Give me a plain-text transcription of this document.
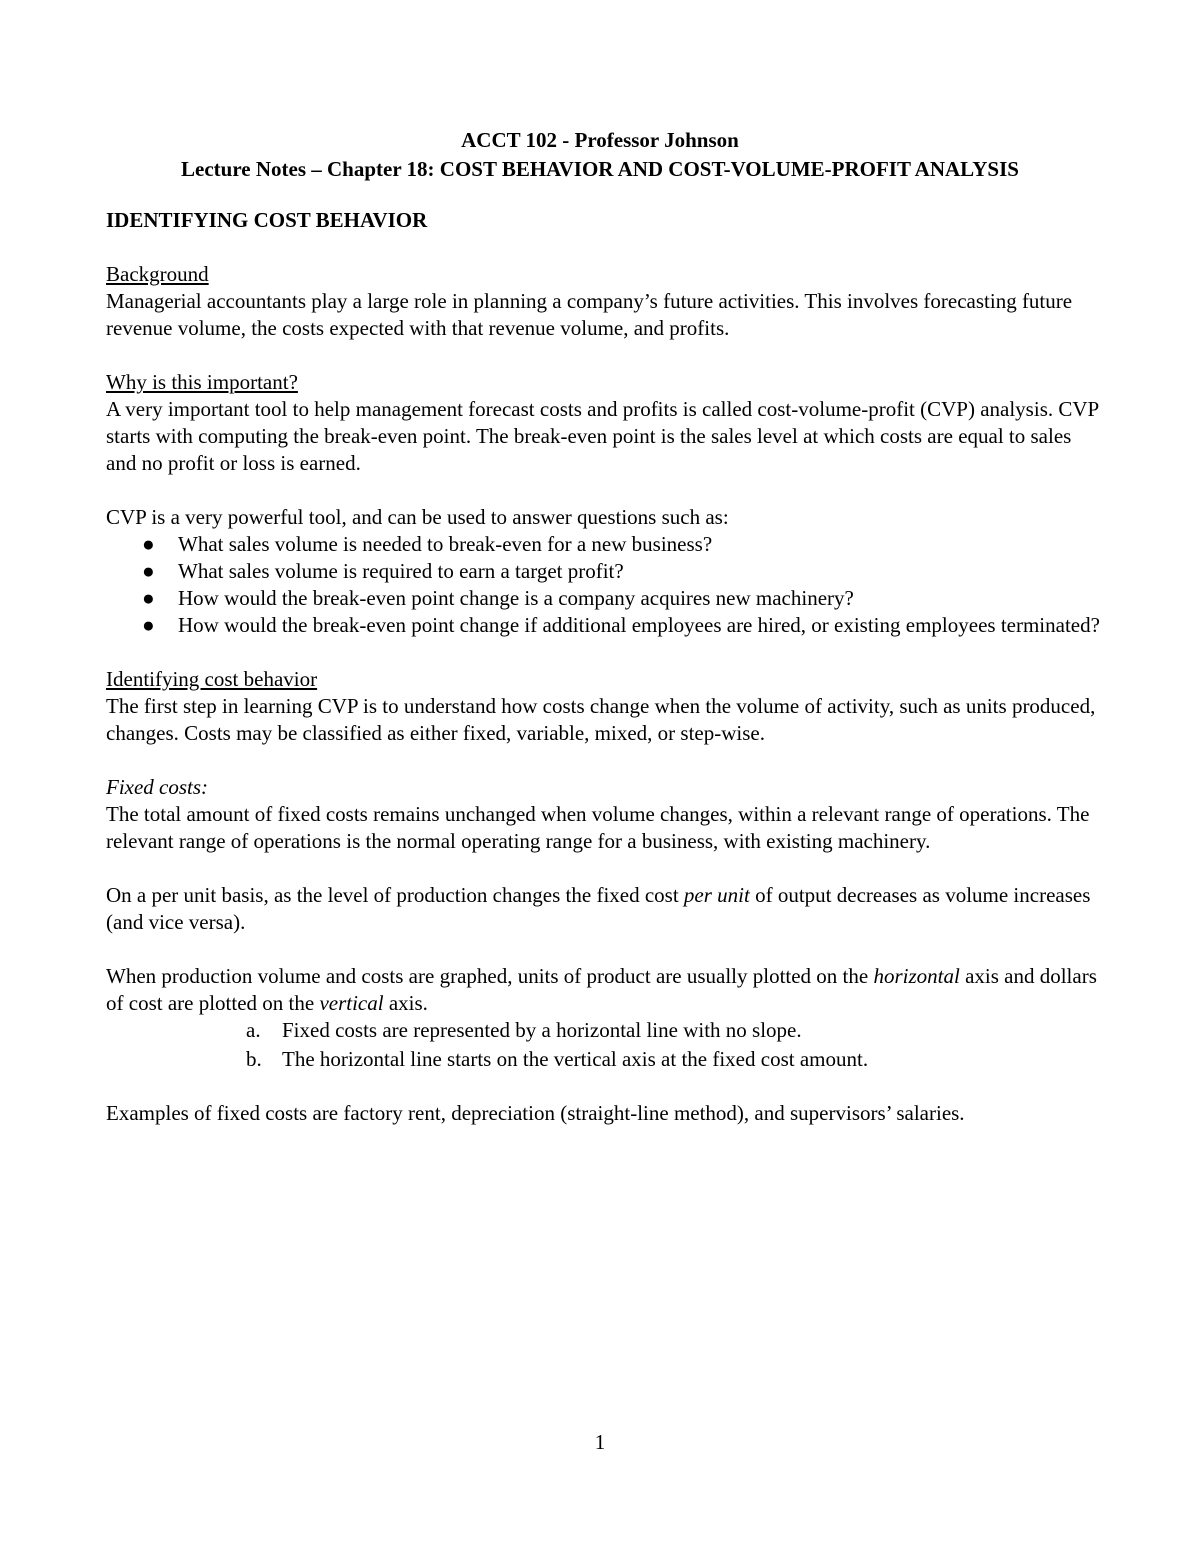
ACCT 102 - Professor Johnson
Lecture Notes – Chapter 18: COST BEHAVIOR AND COST-VOLUME-PROFIT ANALYSIS
IDENTIFYING COST BEHAVIOR

Background
Managerial accountants play a large role in planning a company’s future activities. This involves forecasting future revenue volume, the costs expected with that revenue volume, and profits.

Why is this important?
A very important tool to help management forecast costs and profits is called cost-volume-profit (CVP) analysis. CVP starts with computing the break-even point. The break-even point is the sales level at which costs are equal to sales and no profit or loss is earned.

CVP is a very powerful tool, and can be used to answer questions such as:
● What sales volume is needed to break-even for a new business?
● What sales volume is required to earn a target profit?
● How would the break-even point change is a company acquires new machinery?
● How would the break-even point change if additional employees are hired, or existing employees terminated?

Identifying cost behavior
The first step in learning CVP is to understand how costs change when the volume of activity, such as units produced, changes. Costs may be classified as either fixed, variable, mixed, or step-wise.

Fixed costs:
The total amount of fixed costs remains unchanged when volume changes, within a relevant range of operations. The relevant range of operations is the normal operating range for a business, with existing machinery.

On a per unit basis, as the level of production changes the fixed cost per unit of output decreases as volume increases (and vice versa).

When production volume and costs are graphed, units of product are usually plotted on the horizontal axis and dollars of cost are plotted on the vertical axis.
a. Fixed costs are represented by a horizontal line with no slope.
b. The horizontal line starts on the vertical axis at the fixed cost amount.

Examples of fixed costs are factory rent, depreciation (straight-line method), and supervisors’ salaries.

1
